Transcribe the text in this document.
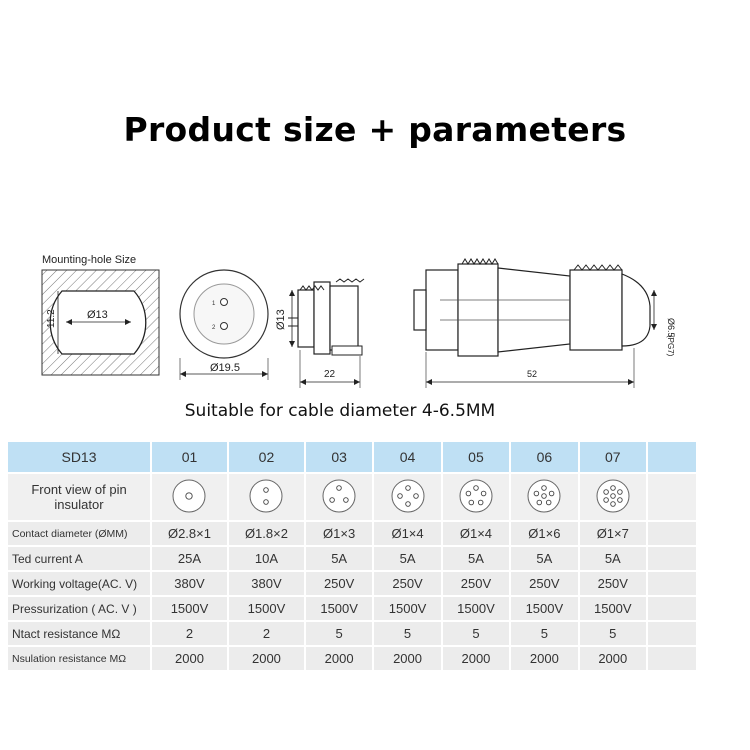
Product size + parameters
Mounting-hole Size
Ø13
11.2
1
2
Ø19.5
Ø13
22	52
Ø6.5
(PG7)
Suitable for cable diameter 4-6.5MM
SD13	01	02	03	04	05	06	07	

Front view of pin insulator

Contact diameter (ØMM)	Ø2.8×1	Ø1.8×2	Ø1×3	Ø1×4	Ø1×4	Ø1×6	Ø1×7	
Ted current A	25A	10A	5A	5A	5A	5A	5A	
Working voltage(AC. V)	380V	380V	250V	250V	250V	250V	250V	
Pressurization ( AC. V )	1500V	1500V	1500V	1500V	1500V	1500V	1500V	
Ntact resistance MΩ	2	2	5	5	5	5	5	
Nsulation resistance MΩ	2000	2000	2000	2000	2000	2000	2000	
